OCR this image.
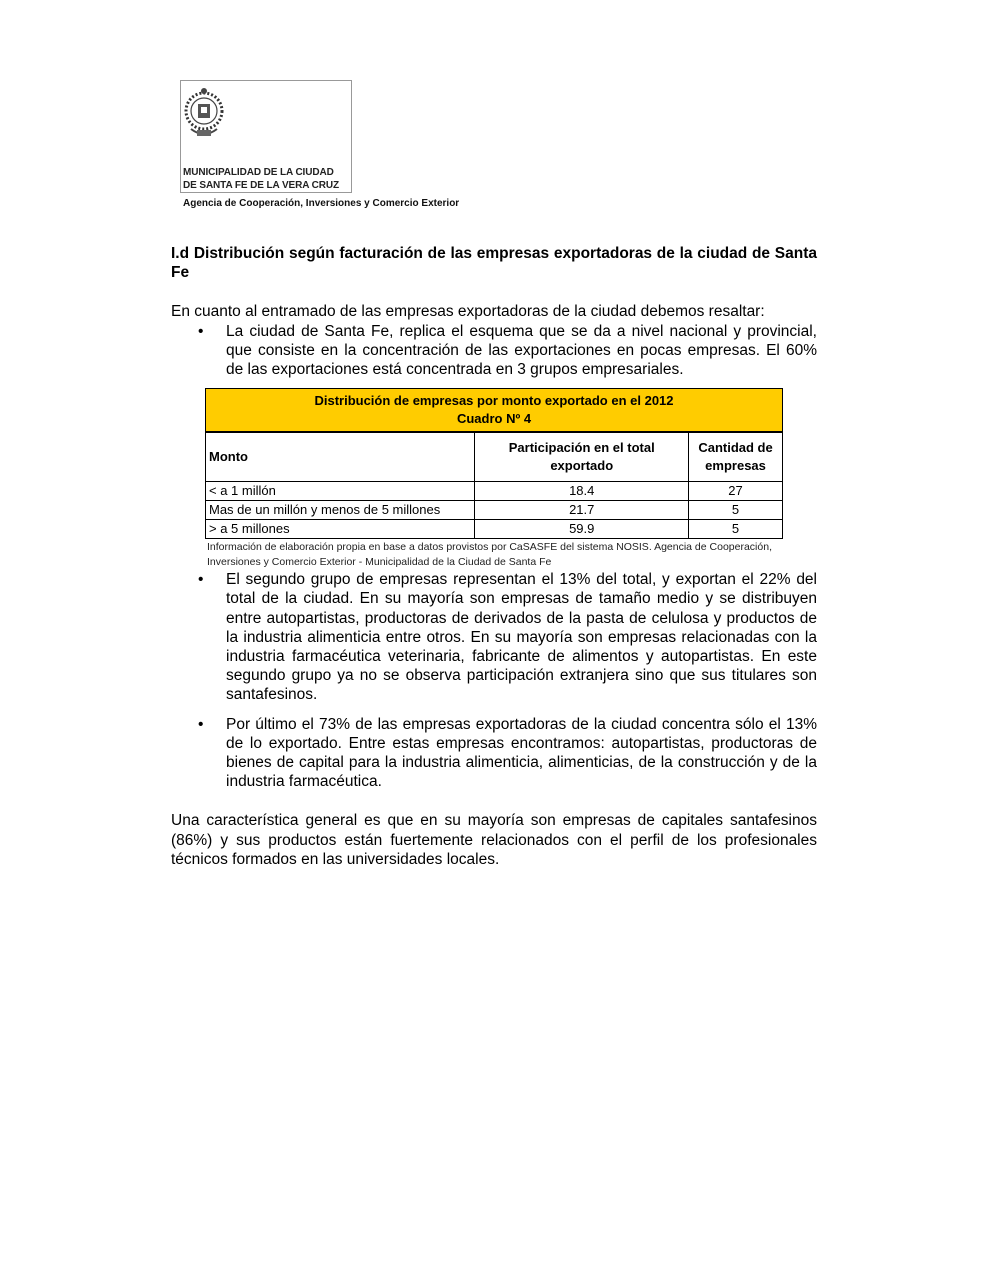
MUNICIPALIDAD DE LA CIUDAD
DE SANTA FE DE LA VERA CRUZ
Agencia de Cooperación, Inversiones y Comercio Exterior

I.d Distribución según facturación de las empresas exportadoras de la ciudad de Santa Fe

En cuanto al entramado de las empresas exportadoras de la ciudad debemos resaltar:

• La ciudad de Santa Fe, replica el esquema que se da a nivel nacional y provincial, que consiste en la concentración de las exportaciones en pocas empresas. El 60% de las exportaciones está concentrada en 3 grupos empresariales.
Distribución de empresas por monto exportado en el 2012
Cuadro Nº 4		

Monto	Participación en el total exportado	Cantidad de empresas
< a 1 millón	18.4	27
Mas de un millón y menos de 5 millones	21.7	5
> a 5 millones	59.9	5
Información de elaboración propia en base a datos provistos por CaSASFE del sistema NOSIS. Agencia de Cooperación, Inversiones y Comercio Exterior - Municipalidad de la Ciudad de Santa Fe
• El segundo grupo de empresas representan el 13% del total, y exportan el 22% del total de la ciudad. En su mayoría son empresas de tamaño medio y se distribuyen entre autopartistas, productoras de derivados de la pasta de celulosa y productos de la industria alimenticia entre otros. En su mayoría son empresas relacionadas con la industria farmacéutica veterinaria, fabricante de alimentos y autopartistas. En este segundo grupo ya no se observa participación extranjera sino que sus titulares son santafesinos.
• Por último el 73% de las empresas exportadoras de la ciudad concentra sólo el 13% de lo exportado. Entre estas empresas encontramos: autopartistas, productoras de bienes de capital para la industria alimenticia, alimenticias, de la construcción y de la industria farmacéutica.

Una característica general es que en su mayoría son empresas de capitales santafesinos (86%) y sus productos están fuertemente relacionados con el perfil de los profesionales técnicos formados en las universidades locales.
